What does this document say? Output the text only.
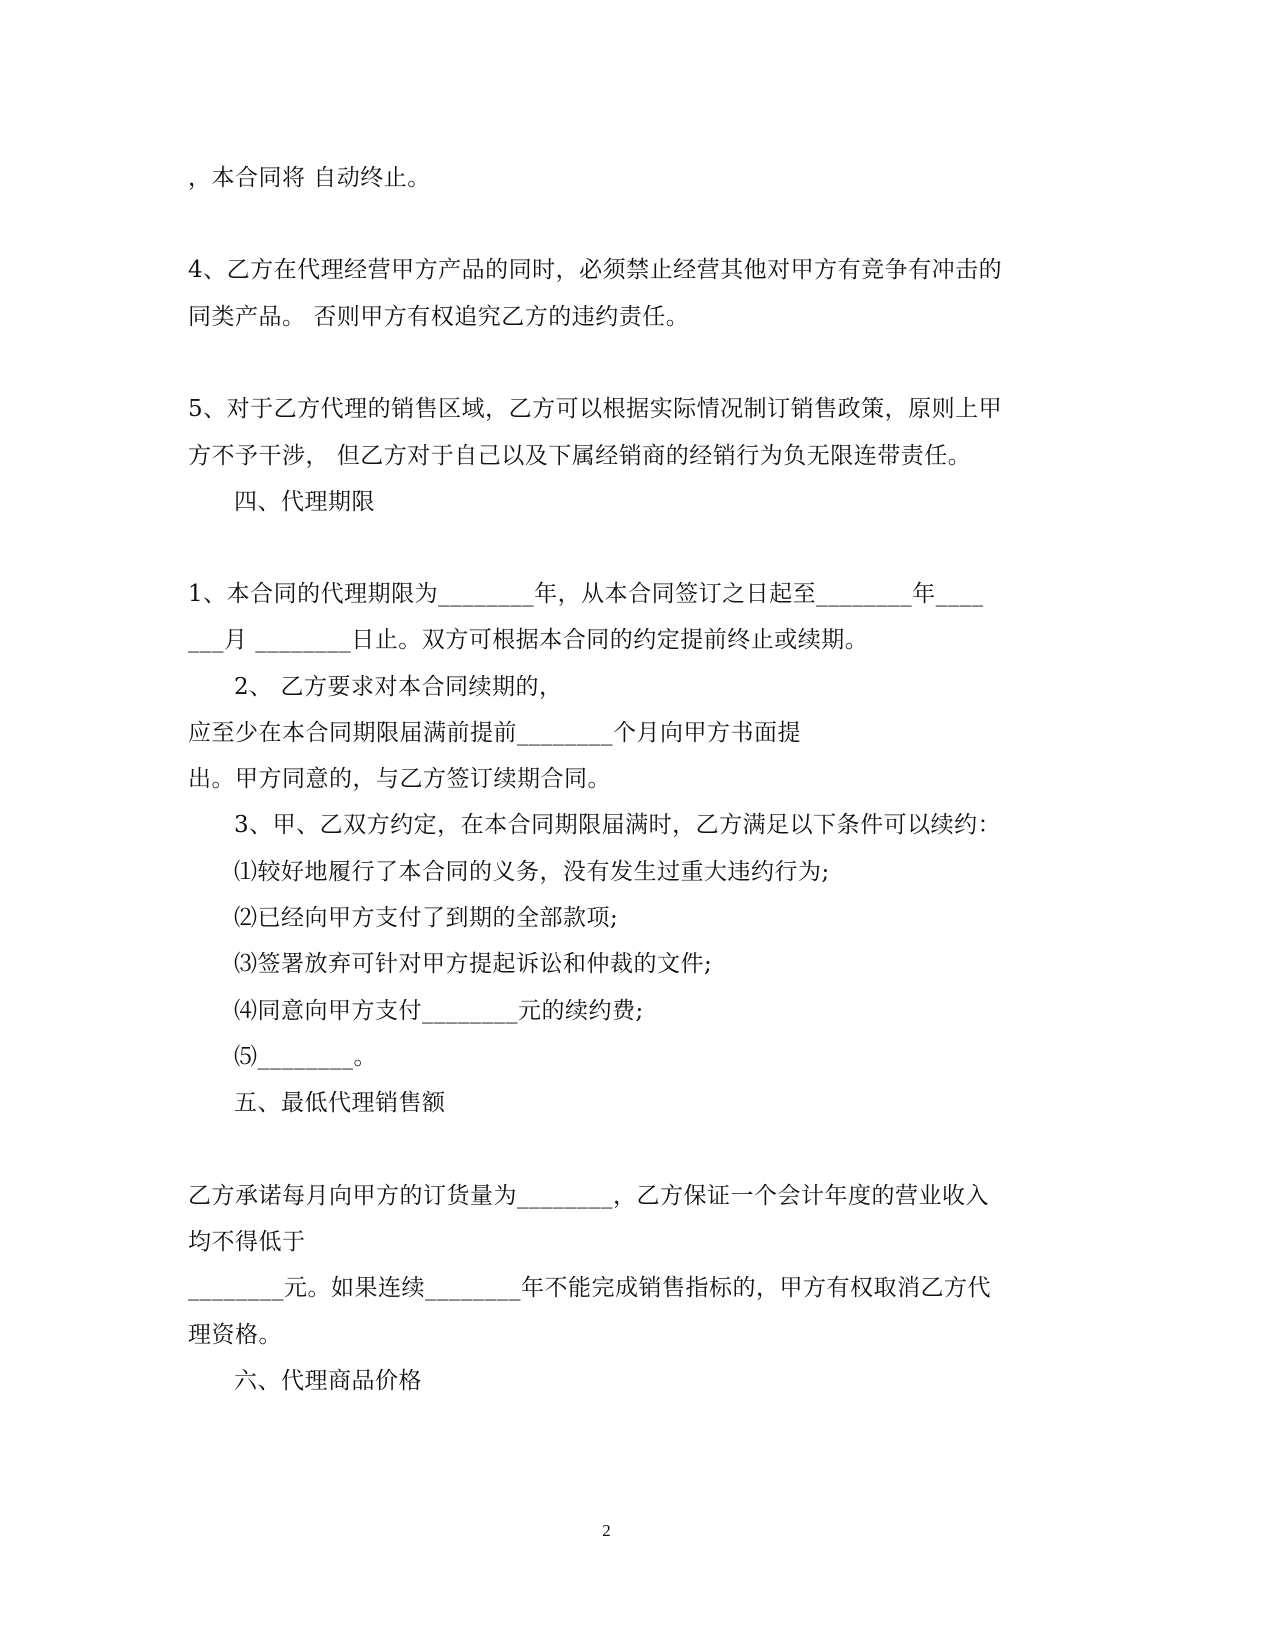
，本合同将 自动终止。
4、乙方在代理经营甲方产品的同时，必须禁止经营其他对甲方有竞争有冲击的
同类产品。 否则甲方有权追究乙方的违约责任。
5、对于乙方代理的销售区域，乙方可以根据实际情况制订销售政策，原则上甲
方不予干涉， 但乙方对于自己以及下属经销商的经销行为负无限连带责任。
四、代理期限
1、本合同的代理期限为________年，从本合同签订之日起至________年____
___月 ________日止。双方可根据本合同的约定提前终止或续期。
2、 乙方要求对本合同续期的，
应至少在本合同期限届满前提前________个月向甲方书面提
出。甲方同意的，与乙方签订续期合同。
3、甲、乙双方约定，在本合同期限届满时，乙方满足以下条件可以续约：
⑴较好地履行了本合同的义务，没有发生过重大违约行为;
⑵已经向甲方支付了到期的全部款项;
⑶签署放弃可针对甲方提起诉讼和仲裁的文件;
⑷同意向甲方支付________元的续约费;
⑸________。
五、最低代理销售额
乙方承诺每月向甲方的订货量为________，乙方保证一个会计年度的营业收入
均不得低于
________元。如果连续________年不能完成销售指标的，甲方有权取消乙方代
理资格。
六、代理商品价格
2
